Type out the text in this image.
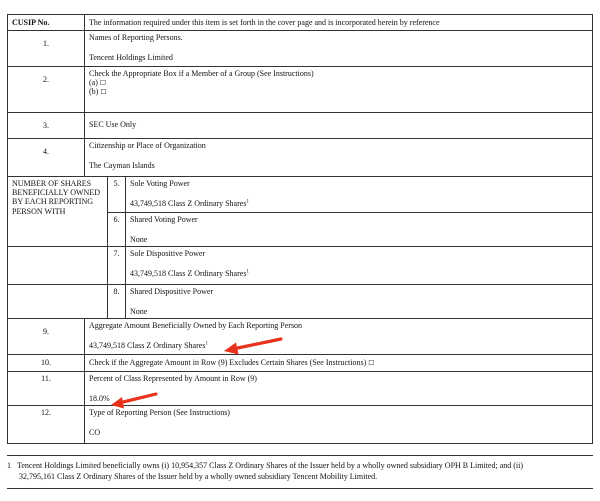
CUSIP No.	The information required under this item is set forth in the cover page and is incorporated herein by reference		
1.	Names of Reporting Persons.
Tencent Holdings Limited		
2.	Check the Appropriate Box if a Member of a Group (See Instructions)
(a) ☐
(b) ☐		

3.	SEC Use Only		
4.	Citizenship or Place of Organization
The Cayman Islands		
NUMBER OF SHARES BENEFICIALLY OWNED BY EACH REPORTING PERSON WITH		5.	Sole Voting Power
43,749,518 Class Z Ordinary Shares$^1$
		6.	Shared Voting Power
None
		7.	Sole Dispositive Power
43,749,518 Class Z Ordinary Shares$^1$
		8.	Shared Dispositive Power
None
9.	Aggregate Amount Beneficially Owned by Each Reporting Person
43,749,518 Class Z Ordinary Shares$^1$
10.	Check if the Aggregate Amount in Row (9) Excludes Certain Shares (See Instructions) ☐		
11.	Percent of Class Represented by Amount in Row (9)
18.0%		
12.	Type of Reporting Person (See Instructions)
CO		
1 Tencent Holdings Limited beneficially owns (i) 10,954,357 Class Z Ordinary Shares of the Issuer held by a wholly owned subsidiary OPH B Limited; and (ii)
32,795,161 Class Z Ordinary Shares of the Issuer held by a wholly owned subsidiary Tencent Mobility Limited.
